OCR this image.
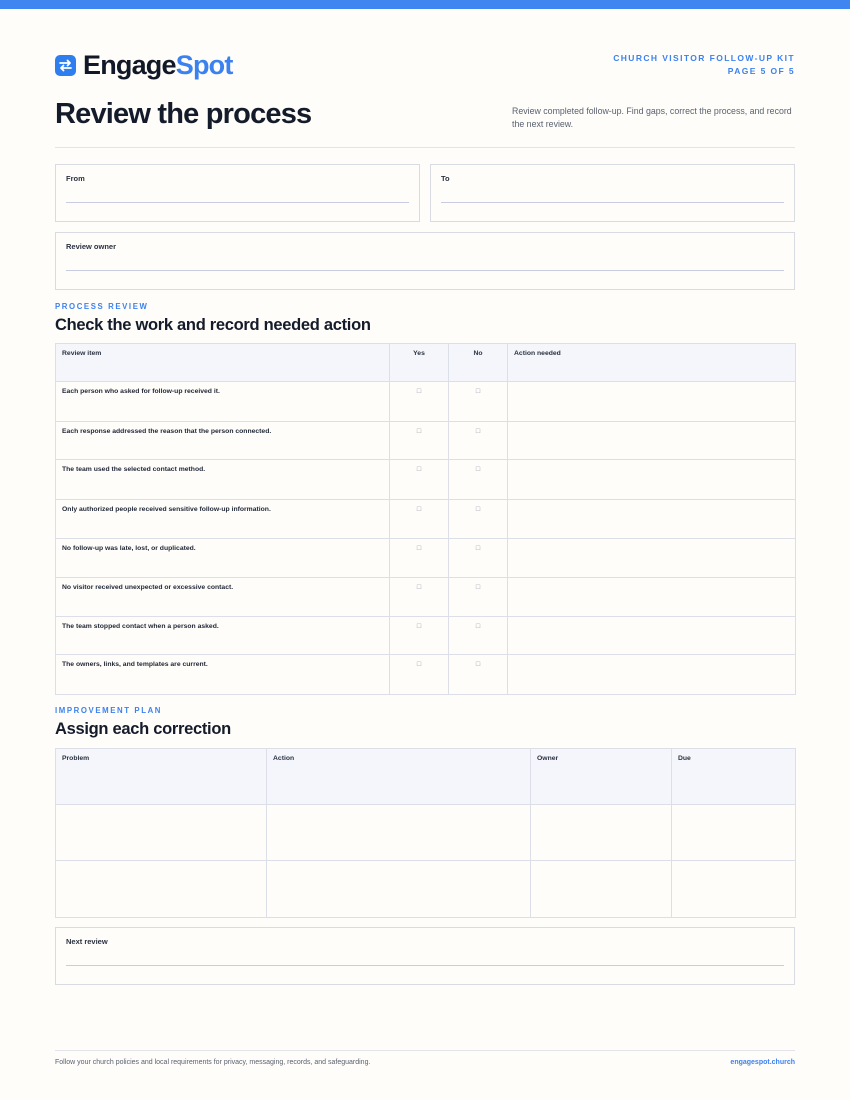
EngageSpot	CHURCH VISITOR FOLLOW-UP KIT
PAGE 5 OF 5
Review the process	Review completed follow-up. Find gaps, correct the process, and record the next review.
From	To
Review owner
PROCESS REVIEW
Check the work and record needed action
Review item	Yes	No	Action needed
Each person who asked for follow-up received it.	□	□	
Each response addressed the reason that the person connected.	□	□	
The team used the selected contact method.	□	□	
Only authorized people received sensitive follow-up information.	□	□	
No follow-up was late, lost, or duplicated.	□	□	
No visitor received unexpected or excessive contact.	□	□	
The team stopped contact when a person asked.	□	□	
The owners, links, and templates are current.	□	□	
IMPROVEMENT PLAN
Assign each correction
Problem	Action	Owner	Due

Next review
Follow your church policies and local requirements for privacy, messaging, records, and safeguarding.	engagespot.church
